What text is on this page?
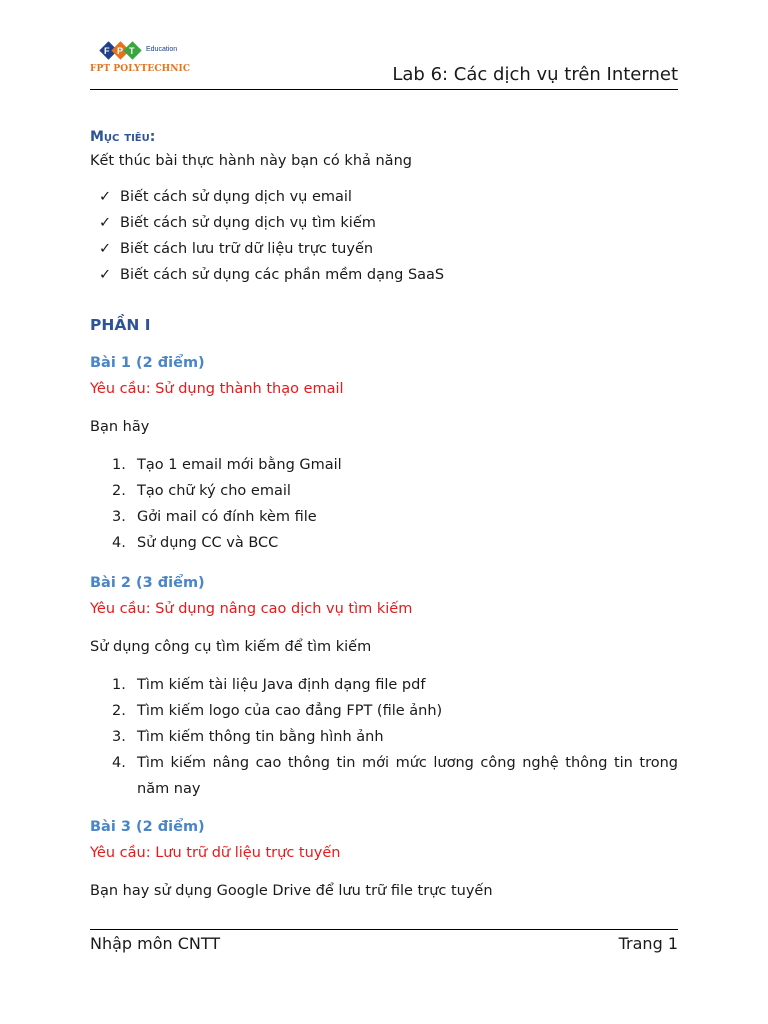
F P T Education
FPT POLYTECHNIC	Lab 6: Các dịch vụ trên Internet
Mục tiêu:
Kết thúc bài thực hành này bạn có khả năng
✓ Biết cách sử dụng dịch vụ email
✓ Biết cách sử dụng dịch vụ tìm kiếm
✓ Biết cách lưu trữ dữ liệu trực tuyến
✓ Biết cách sử dụng các phần mềm dạng SaaS
PHẦN I
Bài 1 (2 điểm)
Yêu cầu: Sử dụng thành thạo email
Bạn hãy
1. Tạo 1 email mới bằng Gmail
2. Tạo chữ ký cho email
3. Gởi mail có đính kèm file
4. Sử dụng CC và BCC
Bài 2 (3 điểm)
Yêu cầu: Sử dụng nâng cao dịch vụ tìm kiếm
Sử dụng công cụ tìm kiếm để tìm kiếm
1. Tìm kiếm tài liệu Java định dạng file pdf
2. Tìm kiếm logo của cao đẳng FPT (file ảnh)
3. Tìm kiếm thông tin bằng hình ảnh
4. Tìm kiếm nâng cao thông tin mới mức lương công nghệ thông tin trong năm nay
Bài 3 (2 điểm)
Yêu cầu: Lưu trữ dữ liệu trực tuyến
Bạn hay sử dụng Google Drive để lưu trữ file trực tuyến
Nhập môn CNTT	Trang 1
